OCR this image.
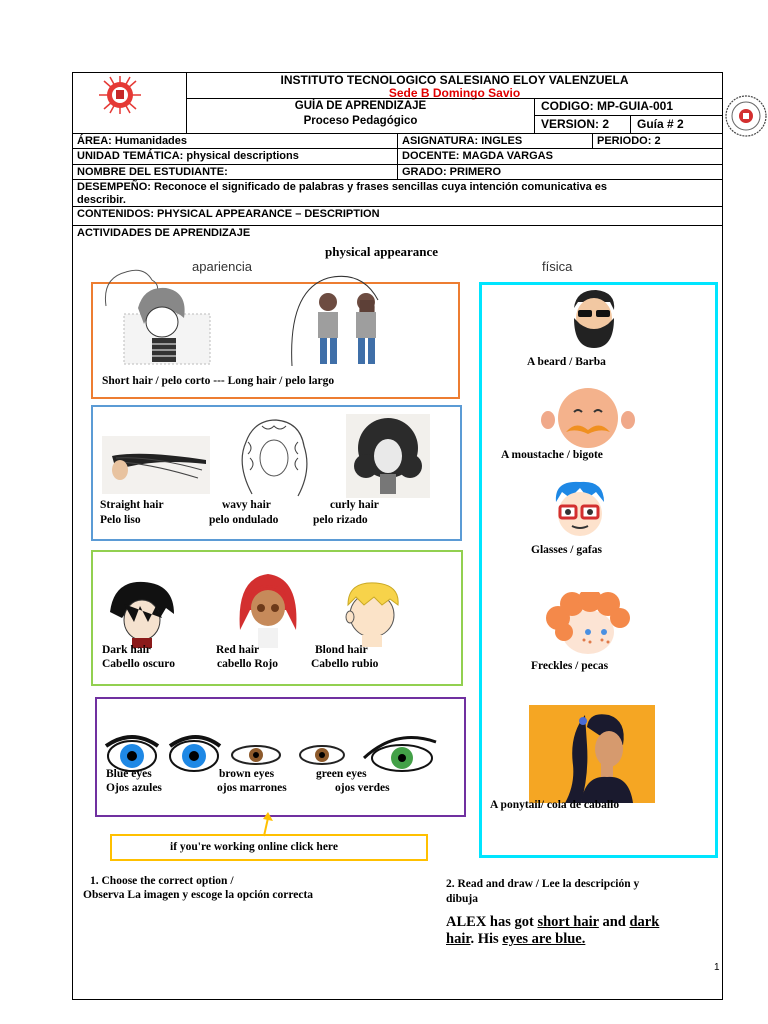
INSTITUTO TECNOLOGICO SALESIANO ELOY VALENZUELA
Sede B Domingo Savio
GUÍA DE APRENDIZAJE
Proceso Pedagógico
CODIGO: MP-GUIA-001
VERSION: 2	Guía # 2
ÁREA: Humanidades	ASIGNATURA: INGLES	PERIODO: 2
UNIDAD TEMÁTICA: physical descriptions	DOCENTE: MAGDA VARGAS
NOMBRE DEL ESTUDIANTE:	GRADO: PRIMERO
DESEMPEÑO: Reconoce el significado de palabras y frases sencillas cuya intención comunicativa es
describir.
CONTENIDOS: PHYSICAL APPEARANCE – DESCRIPTION
ACTIVIDADES DE APRENDIZAJE
physical appearance
apariencia	física
Short hair / pelo corto --- Long hair / pelo largo
Straight hair
Pelo liso
wavy hair
pelo ondulado
curly hair
pelo rizado
Dark hair
Cabello oscuro
Red hair
cabello Rojo
Blond hair
Cabello rubio
Blue eyes
Ojos azules
brown eyes
ojos marrones
green eyes
ojos verdes
if you're working online click here
A beard / Barba
A moustache / bigote
Glasses / gafas
Freckles / pecas
A ponytail/ cola de caballo
1. Choose the correct option /
Observa La imagen y escoge la opción correcta
2. Read and draw / Lee la descripción y
dibuja
ALEX has got short hair and dark
hair. His eyes are blue.
1
